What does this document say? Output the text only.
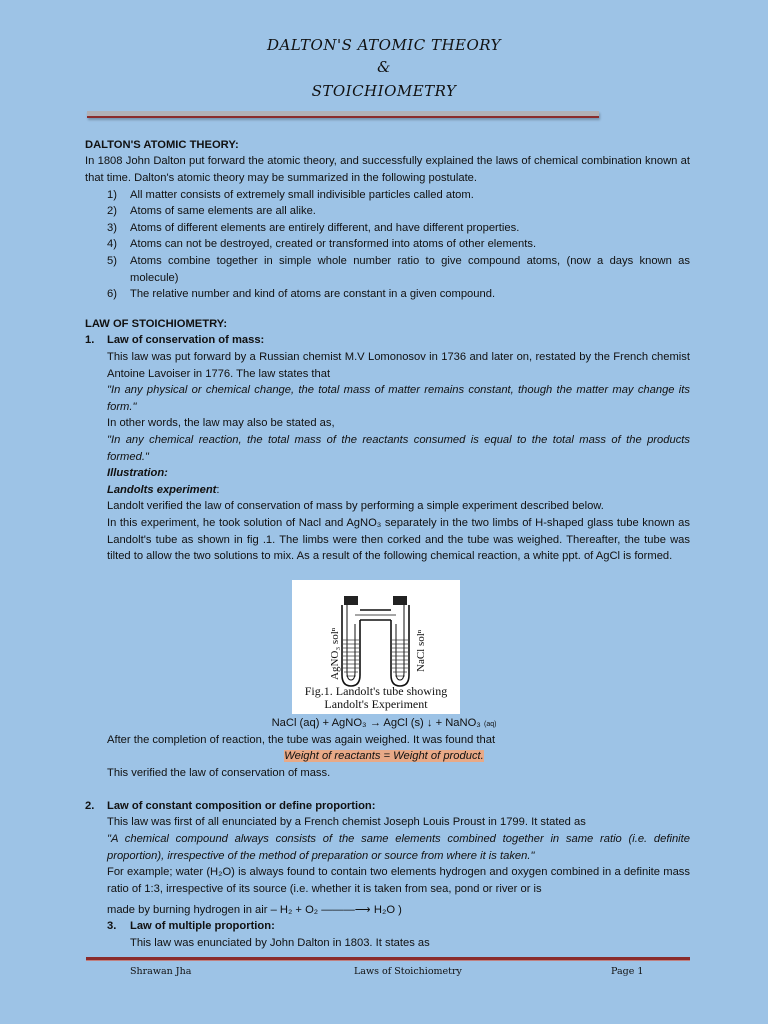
DALTON'S ATOMIC THEORY
&
STOICHIOMETRY
DALTON'S ATOMIC THEORY:
In 1808 John Dalton put forward the atomic theory, and successfully explained the laws of chemical combination known at that time. Dalton's atomic theory may be summarized in the following postulate.
1) All matter consists of extremely small indivisible particles called atom.
2) Atoms of same elements are all alike.
3) Atoms of different elements are entirely different, and have different properties.
4) Atoms can not be destroyed, created or transformed into atoms of other elements.
5) Atoms combine together in simple whole number ratio to give compound atoms, (now a days known as molecule)
6) The relative number and kind of atoms are constant in a given compound.
LAW OF STOICHIOMETRY:
1. Law of conservation of mass:
This law was put forward by a Russian chemist M.V Lomonosov in 1736 and later on, restated by the French chemist Antoine Lavoiser in 1776. The law states that
"In any physical or chemical change, the total mass of matter remains constant, though the matter may change its form."
In other words, the law may also be stated as,
"In any chemical reaction, the total mass of the reactants consumed is equal to the total mass of the products formed."
Illustration:
Landolts experiment:
Landolt verified the law of conservation of mass by performing a simple experiment described below.
In this experiment, he took solution of Nacl and AgNO₃ separately in the two limbs of H-shaped glass tube known as Landolt's tube as shown in fig .1. The limbs were then corked and the tube was weighed. Thereafter, the tube was tilted to allow the two solutions to mix. As a result of the following chemical reaction, a white ppt. of AgCl is formed.
AgNO₃ solⁿ	NaCl solⁿ
Fig.1. Landolt's tube showing
Landolt's Experiment
NaCl (aq) + AgNO₃ → AgCl (s) ↓ + NaNO₃ (aq)
After the completion of reaction, the tube was again weighed. It was found that
Weight of reactants = Weight of product.
This verified the law of conservation of mass.
2. Law of constant composition or define proportion:
This law was first of all enunciated by a French chemist Joseph Louis Proust in 1799. It stated as
"A chemical compound always consists of the same elements combined together in same ratio (i.e. definite proportion), irrespective of the method of preparation or source from where it is taken."
For example; water (H₂O) is always found to contain two elements hydrogen and oxygen combined in a definite mass ratio of 1:3, irrespective of its source (i.e. whether it is taken from sea, pond or river or is
made by burning hydrogen in air – H₂ + O₂ ———⟶ H₂O )
3. Law of multiple proportion:
This law was enunciated by John Dalton in 1803. It states as
Shrawan Jha	Laws of Stoichiometry	Page 1
